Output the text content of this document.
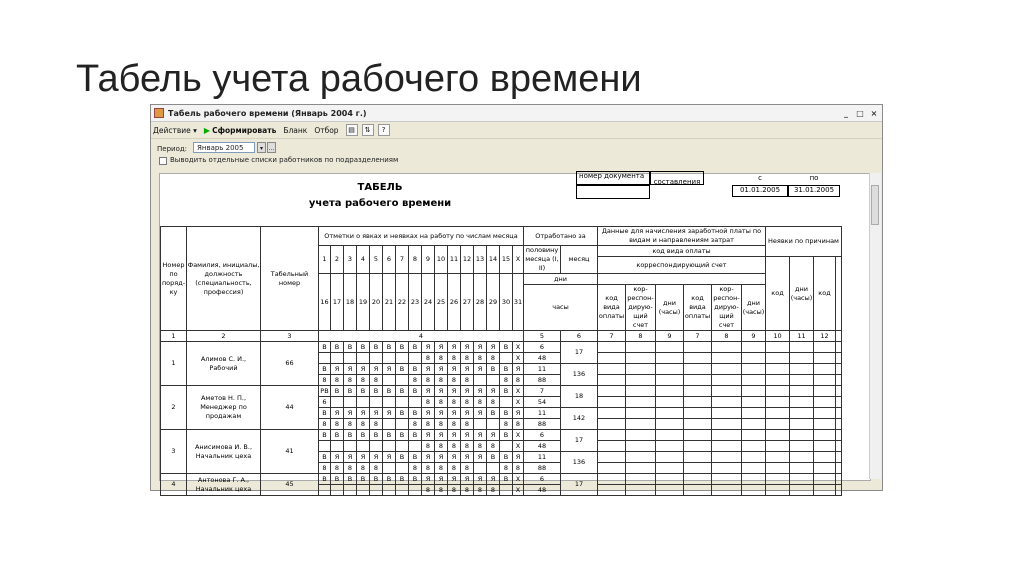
Табель учета рабочего времени
Табель рабочего времени (Январь 2004 г.)	_	□ ×
Действие ▾ ▶ Сформировать Бланк Отбор	▤	⇅	?
Период:	Январь 2005	▾ …
Выводить отдельные списки работников по подразделениям
ТАБЕЛЬ
учета рабочего времени
номер документа
составления	с	по
01.01.2005	31.01.2005
Номер по поряд-ку	Фамилия, инициалы, должность (специальность, профессия)	Табельный номер	Отметки о явках и неявках на работу по числам месяца																Отработано за		Данные для начисления заработной платы по видам и направлениям затрат						Неявки по причинам			
			1	2	3	4	5	6	7	8	9	10	11	12	13	14	15	X	половину месяца (I, II)	месяц	код вида оплаты									
																					корреспондирующий счет						код	дни (часы)	код	
			16	17	18	19	20	21	22	23	24	25	26	27	28	29	30	31	дни											
																			часы		код вида оплаты	кор-респон-дирую-щий счет	дни (часы)	код вида оплаты	кор-респон-дирую-щий счет	дни (часы)				
1	2	3	4																5	6	7	8	9	7	8	9	10	11	12	
1	Алимов С. И., Рабочий	66	В	В	В	В	В	В	В	В	Я	Я	Я	Я	Я	Я	В	X	6	17										
											8	8	8	8	8	8		X	48											
			В	Я	Я	Я	Я	Я	В	В	Я	Я	Я	Я	Я	В	В	Я	11	136										
			8	8	8	8	8			8	8	8	8	8			8	8	88											
2	Аметов Н. П., Менеджер по продажам	44	РВ	В	В	В	В	В	В	В	Я	Я	Я	Я	Я	Я	В	X	7	18										
			6								8	8	8	8	8	8		X	54											
			В	Я	Я	Я	Я	Я	В	В	Я	Я	Я	Я	Я	В	В	Я	11	142										
			8	8	8	8	8			8	8	8	8	8			8	8	88											
3	Анисимова И. В., Начальник цеха	41	В	В	В	В	В	В	В	В	Я	Я	Я	Я	Я	Я	В	X	6	17										
											8	8	8	8	8	8		X	48											
			В	Я	Я	Я	Я	Я	В	В	Я	Я	Я	Я	Я	В	В	Я	11	136										
			8	8	8	8	8			8	8	8	8	8			8	8	88											
4	Антонова Г. А., Начальник цеха	45	В	В	В	В	В	В	В	В	Я	Я	Я	Я	Я	Я	В	X	6	17										
											8	8	8	8	8	8		X	48											
